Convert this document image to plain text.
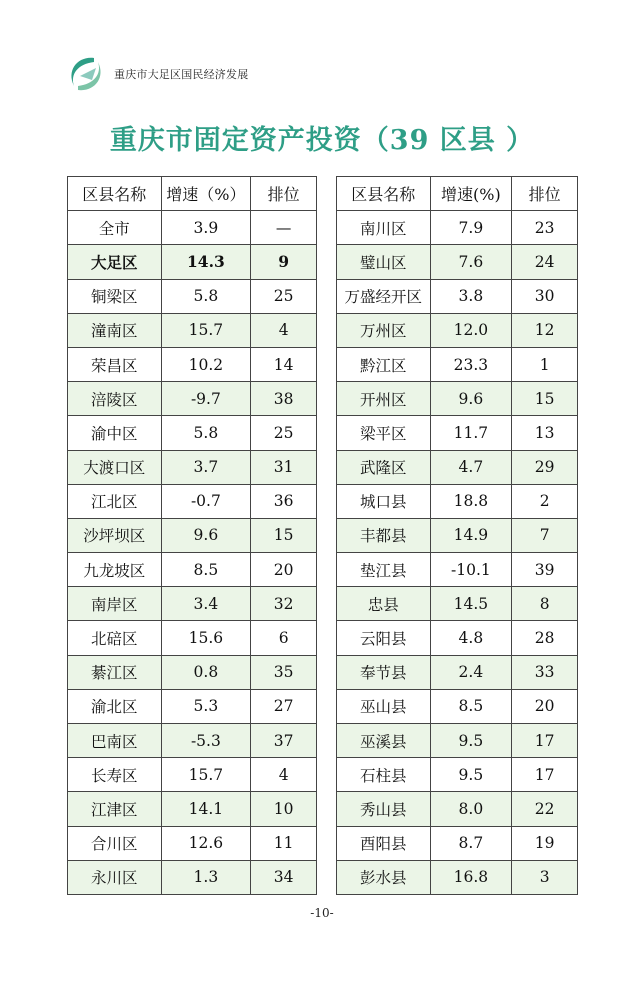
重庆市大足区国民经济发展
重庆市固定资产投资（39 区县 ）
区县名称	增速（%）	排位
全市	3.9	—
大足区	14.3	9
铜梁区	5.8	25
潼南区	15.7	4
荣昌区	10.2	14
涪陵区	-9.7	38
渝中区	5.8	25
大渡口区	3.7	31
江北区	-0.7	36
沙坪坝区	9.6	15
九龙坡区	8.5	20
南岸区	3.4	32
北碚区	15.6	6
綦江区	0.8	35
渝北区	5.3	27
巴南区	-5.3	37
长寿区	15.7	4
江津区	14.1	10
合川区	12.6	11
永川区	1.3	34
区县名称	增速(%)	排位
南川区	7.9	23
璧山区	7.6	24
万盛经开区	3.8	30
万州区	12.0	12
黔江区	23.3	1
开州区	9.6	15
梁平区	11.7	13
武隆区	4.7	29
城口县	18.8	2
丰都县	14.9	7
垫江县	-10.1	39
忠县	14.5	8
云阳县	4.8	28
奉节县	2.4	33
巫山县	8.5	20
巫溪县	9.5	17
石柱县	9.5	17
秀山县	8.0	22
酉阳县	8.7	19
彭水县	16.8	3
-10-
